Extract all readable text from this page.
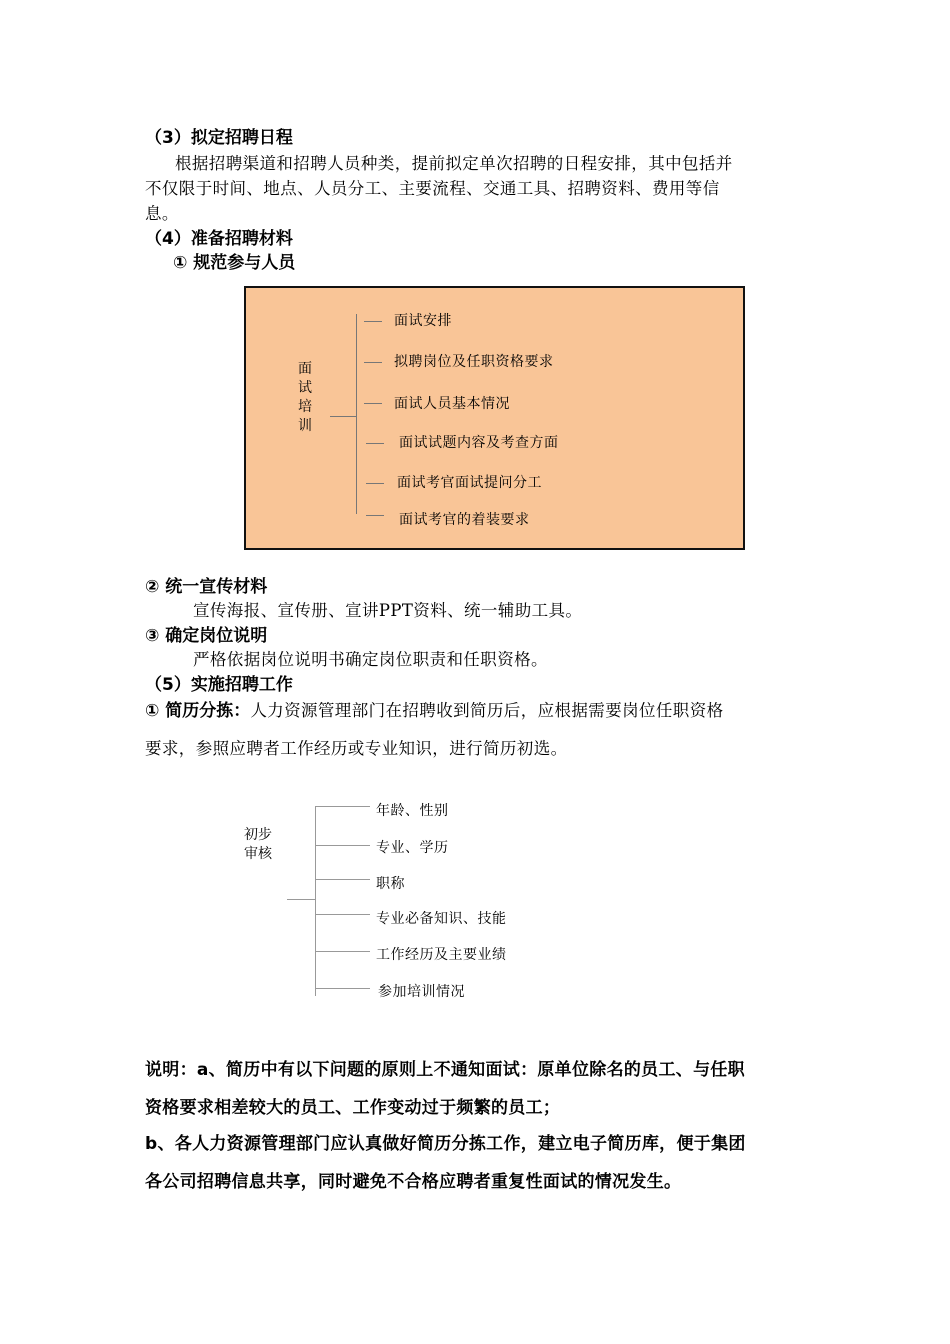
（3）拟定招聘日程
根据招聘渠道和招聘人员种类，提前拟定单次招聘的日程安排，其中包括并
不仅限于时间、地点、人员分工、主要流程、交通工具、招聘资料、费用等信
息。
（4）准备招聘材料
① 规范参与人员
面
试
培
训
面试安排
拟聘岗位及任职资格要求
面试人员基本情况
面试试题内容及考查方面
面试考官面试提问分工
面试考官的着装要求
② 统一宣传材料
宣传海报、宣传册、宣讲PPT资料、统一辅助工具。
③ 确定岗位说明
严格依据岗位说明书确定岗位职责和任职资格。
（5）实施招聘工作
① 简历分拣：人力资源管理部门在招聘收到简历后，应根据需要岗位任职资格
要求，参照应聘者工作经历或专业知识，进行简历初选。
初步
审核
年龄、性别
专业、学历
职称
专业必备知识、技能
工作经历及主要业绩
参加培训情况
说明：a、简历中有以下问题的原则上不通知面试：原单位除名的员工、与任职
资格要求相差较大的员工、工作变动过于频繁的员工；
b、各人力资源管理部门应认真做好简历分拣工作，建立电子简历库，便于集团
各公司招聘信息共享，同时避免不合格应聘者重复性面试的情况发生。
